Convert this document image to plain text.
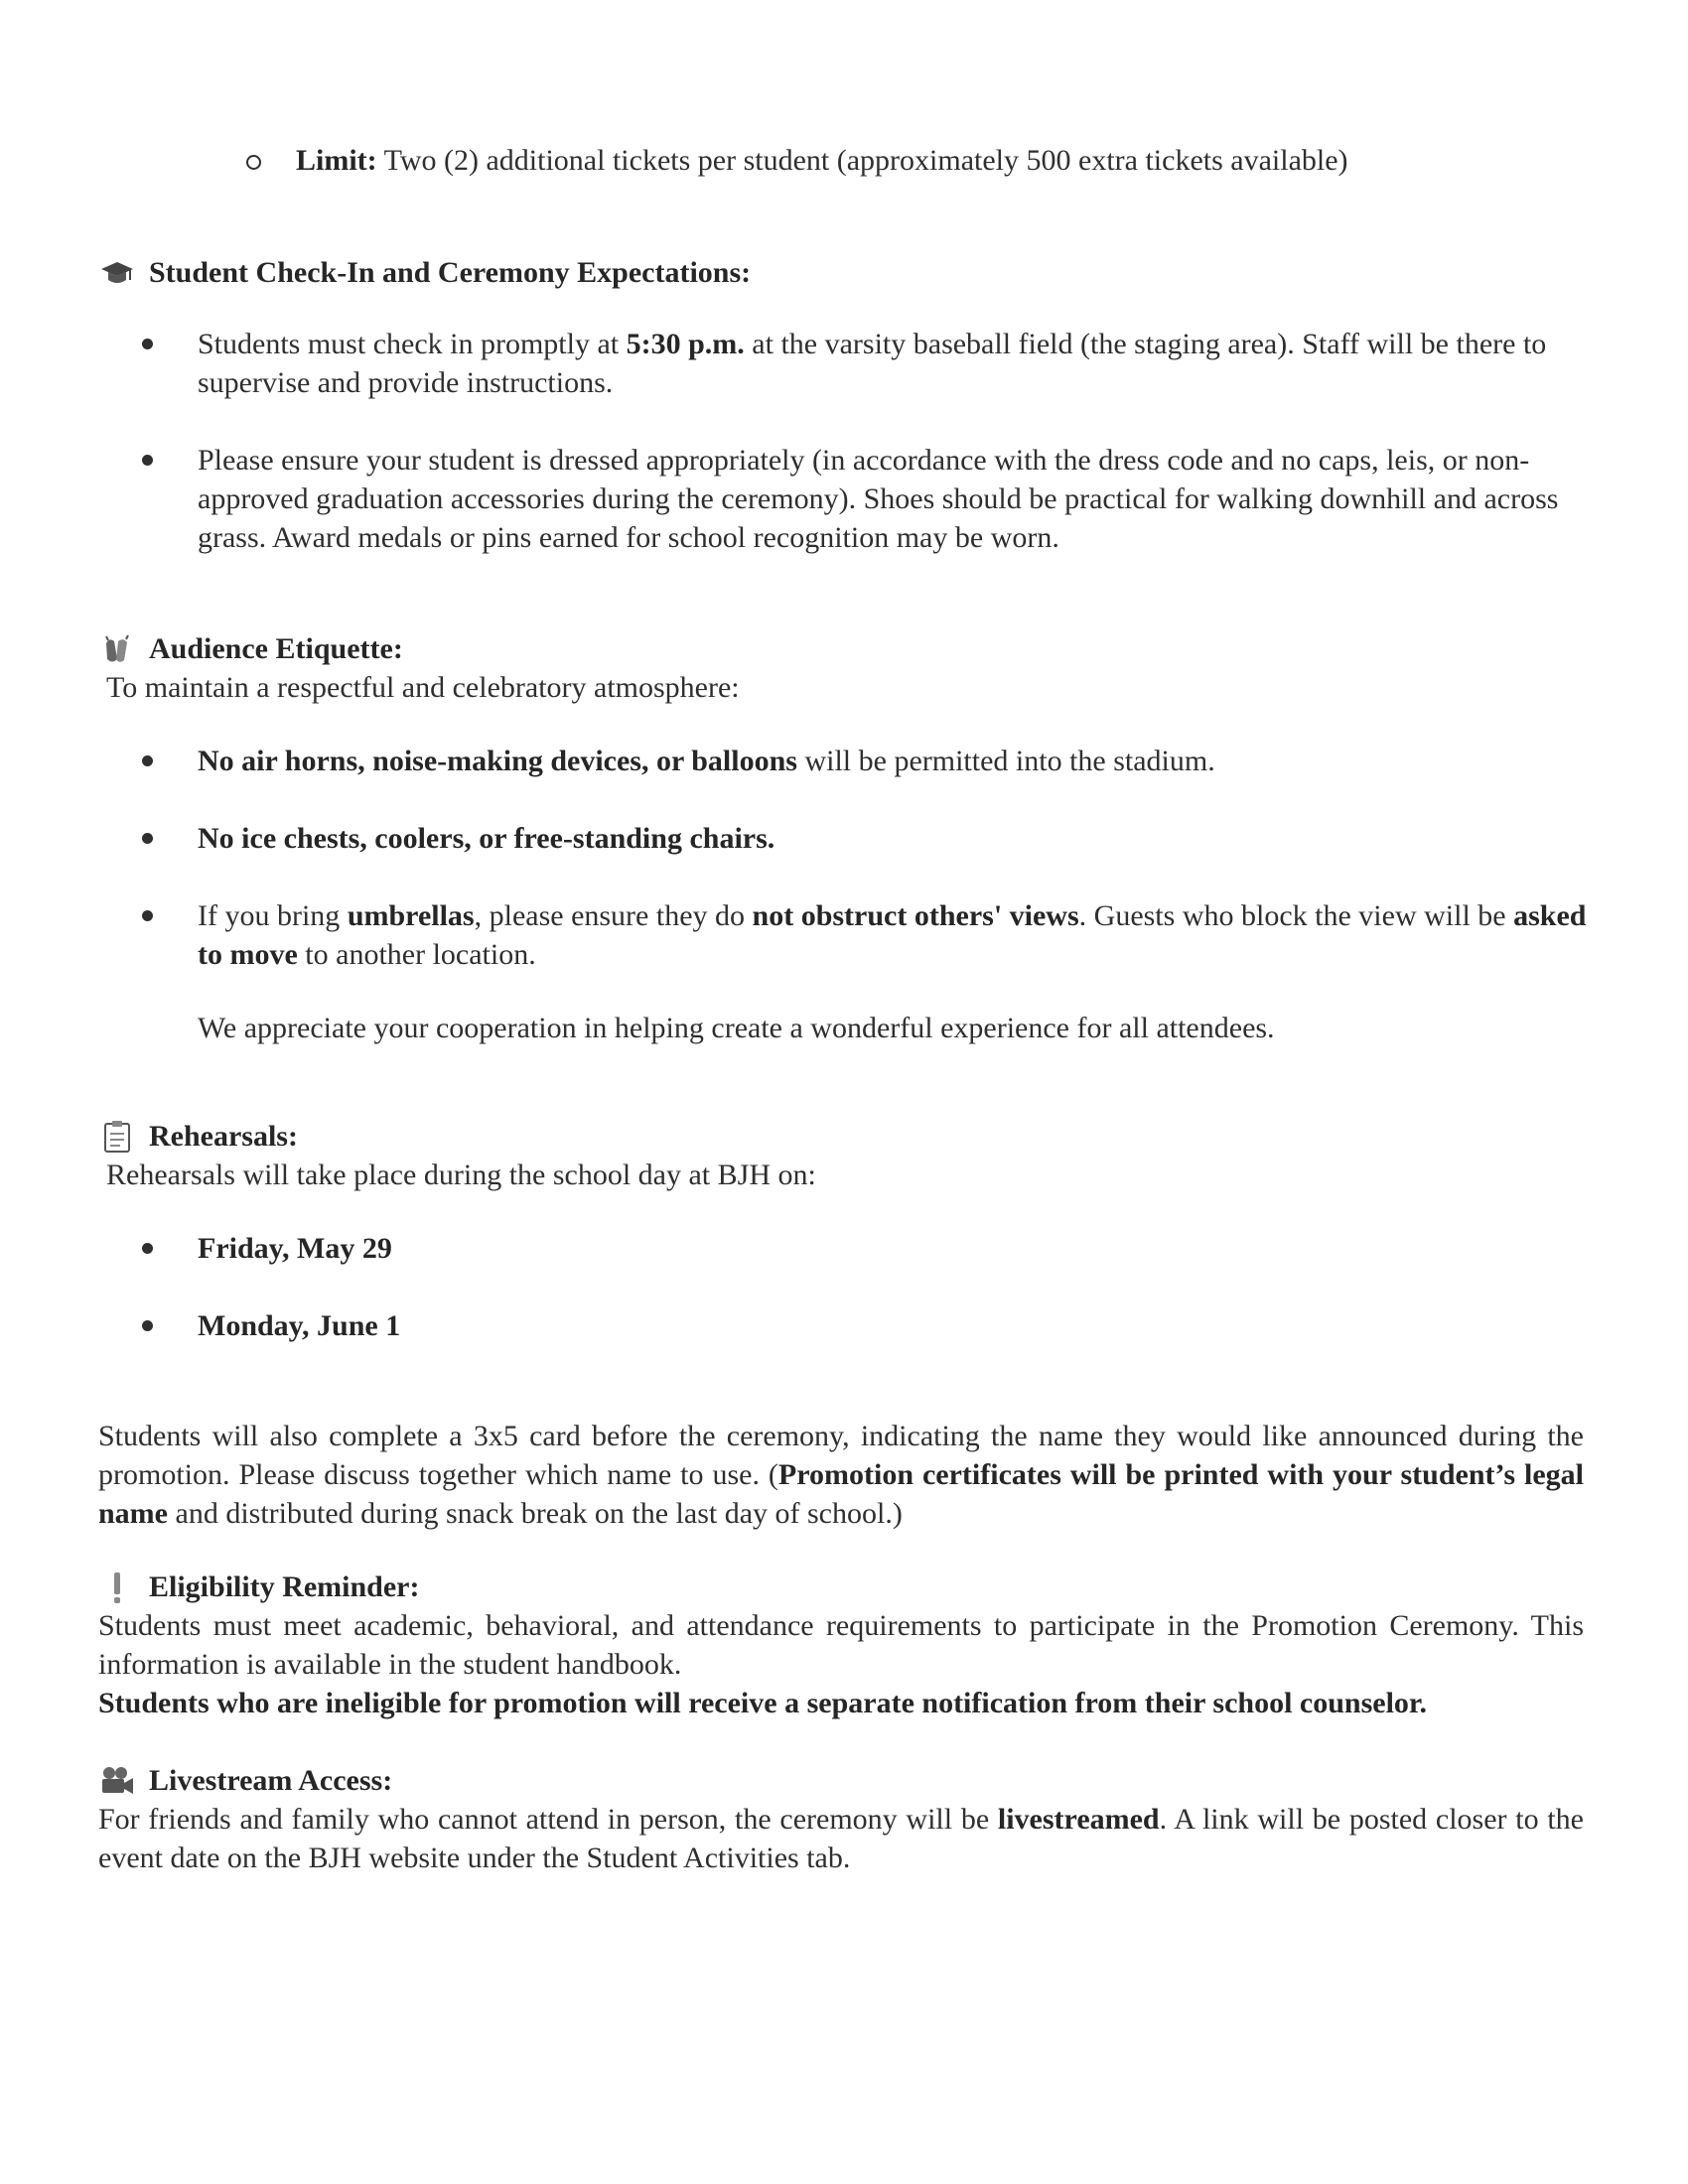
Limit: Two (2) additional tickets per student (approximately 500 extra tickets available)
Student Check-In and Ceremony Expectations:
Students must check in promptly at 5:30 p.m. at the varsity baseball field (the staging area). Staff will be there to supervise and provide instructions.
Please ensure your student is dressed appropriately (in accordance with the dress code and no caps, leis, or non-approved graduation accessories during the ceremony). Shoes should be practical for walking downhill and across grass. Award medals or pins earned for school recognition may be worn.
Audience Etiquette:
To maintain a respectful and celebratory atmosphere:
No air horns, noise-making devices, or balloons will be permitted into the stadium.
No ice chests, coolers, or free-standing chairs.
If you bring umbrellas, please ensure they do not obstruct others' views. Guests who block the view will be asked to move to another location.
We appreciate your cooperation in helping create a wonderful experience for all attendees.
Rehearsals:
Rehearsals will take place during the school day at BJH on:
Friday, May 29
Monday, June 1
Students will also complete a 3x5 card before the ceremony, indicating the name they would like announced during the promotion. Please discuss together which name to use. (Promotion certificates will be printed with your student’s legal name and distributed during snack break on the last day of school.)
Eligibility Reminder:
Students must meet academic, behavioral, and attendance requirements to participate in the Promotion Ceremony. This information is available in the student handbook.
Students who are ineligible for promotion will receive a separate notification from their school counselor.
Livestream Access:
For friends and family who cannot attend in person, the ceremony will be livestreamed. A link will be posted closer to the event date on the BJH website under the Student Activities tab.
